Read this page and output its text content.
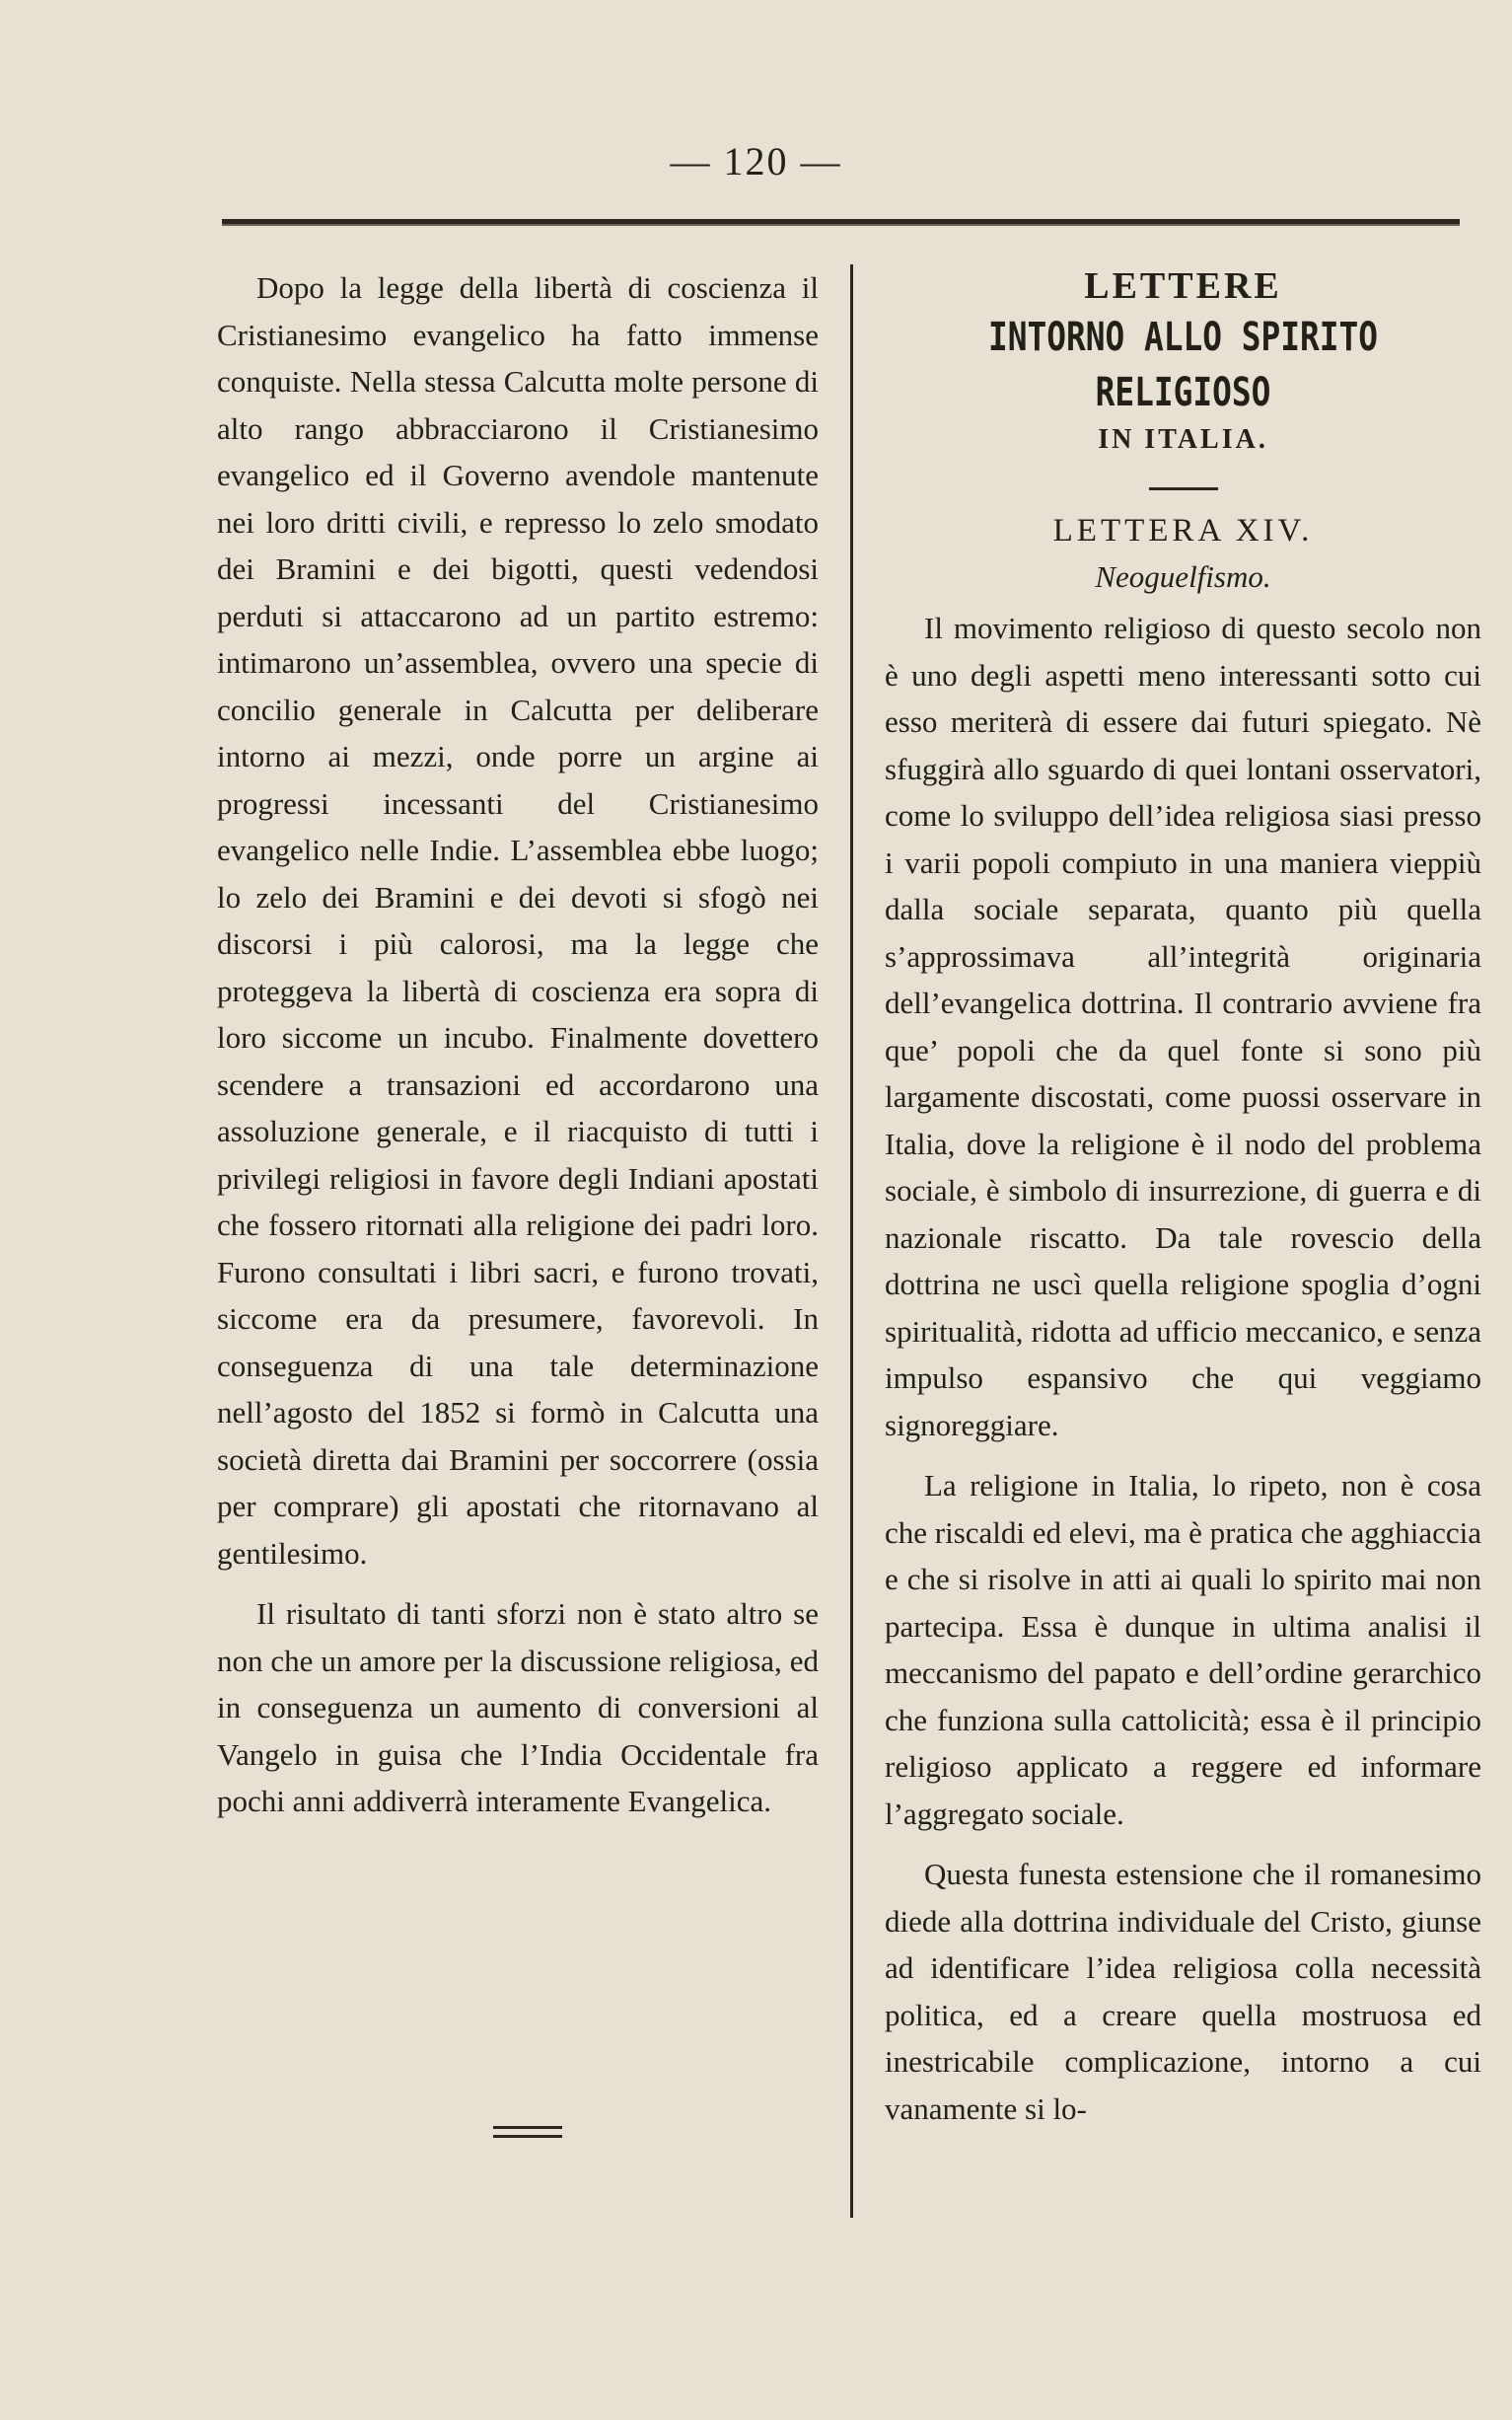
— 120 —

Dopo la legge della libertà di coscienza il Cristianesimo evangelico ha fatto immense conquiste. Nella stessa Calcutta molte persone di alto rango abbracciarono il Cristianesimo evangelico ed il Governo avendole mantenute nei loro dritti civili, e represso lo zelo smodato dei Bramini e dei bigotti, questi vedendosi perduti si attaccarono ad un partito estremo: intimarono un’assemblea, ovvero una specie di concilio generale in Calcutta per deliberare intorno ai mezzi, onde porre un argine ai progressi incessanti del Cristianesimo evangelico nelle Indie. L’assemblea ebbe luogo; lo zelo dei Bramini e dei devoti si sfogò nei discorsi i più calorosi, ma la legge che proteggeva la libertà di coscienza era sopra di loro siccome un incubo. Finalmente dovettero scendere a transazioni ed accordarono una assoluzione generale, e il riacquisto di tutti i privilegi religiosi in favore degli Indiani apostati che fossero ritornati alla religione dei padri loro. Furono consultati i libri sacri, e furono trovati, siccome era da presumere, favorevoli. In conseguenza di una tale determinazione nell’agosto del 1852 si formò in Calcutta una società diretta dai Bramini per soccorrere (ossia per comprare) gli apostati che ritornavano al gentilesimo.

Il risultato di tanti sforzi non è stato altro se non che un amore per la discussione religiosa, ed in conseguenza un aumento di conversioni al Vangelo in guisa che l’India Occidentale fra pochi anni addiverrà interamente Evangelica.

LETTERE
INTORNO ALLO SPIRITO RELIGIOSO
IN ITALIA.
LETTERA XIV.
Neoguelfismo.

Il movimento religioso di questo secolo non è uno degli aspetti meno interessanti sotto cui esso meriterà di essere dai futuri spiegato. Nè sfuggirà allo sguardo di quei lontani osservatori, come lo sviluppo dell’idea religiosa siasi presso i varii popoli compiuto in una maniera vieppiù dalla sociale separata, quanto più quella s’approssimava all’integrità originaria dell’evangelica dottrina. Il contrario avviene fra que’ popoli che da quel fonte si sono più largamente discostati, come puossi osservare in Italia, dove la religione è il nodo del problema sociale, è simbolo di insurrezione, di guerra e di nazionale riscatto. Da tale rovescio della dottrina ne uscì quella religione spoglia d’ogni spiritualità, ridotta ad ufficio meccanico, e senza impulso espansivo che qui veggiamo signoreggiare.

La religione in Italia, lo ripeto, non è cosa che riscaldi ed elevi, ma è pratica che agghiaccia e che si risolve in atti ai quali lo spirito mai non partecipa. Essa è dunque in ultima analisi il meccanismo del papato e dell’ordine gerarchico che funziona sulla cattolicità; essa è il principio religioso applicato a reggere ed informare l’aggregato sociale.

Questa funesta estensione che il romanesimo diede alla dottrina individuale del Cristo, giunse ad identificare l’idea religiosa colla necessità politica, ed a creare quella mostruosa ed inestricabile complicazione, intorno a cui vanamente si lo-
